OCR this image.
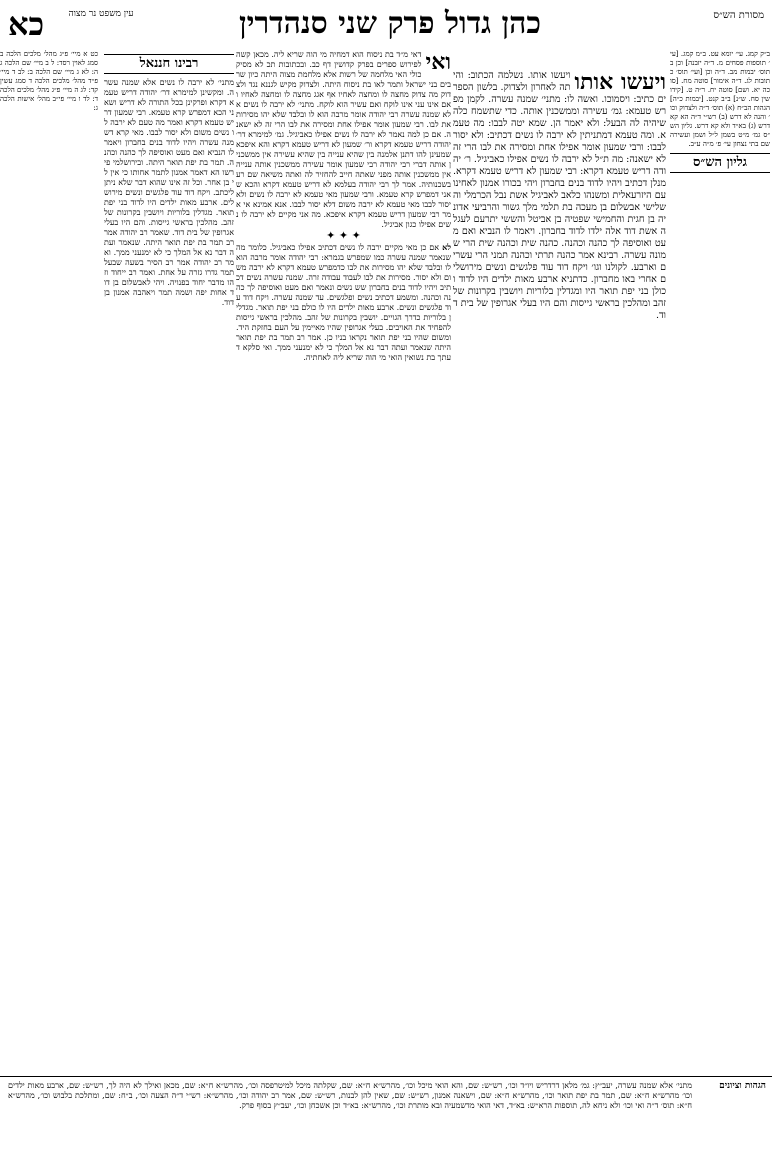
כא	עין משפט נר מצוה	כהן גדול פרק שני סנהדרין	מסורת הש״ס
ב״ק קמג. עי׳ יומא עט. ב״מ קמג. [עי׳ תוספות פסחים מ. ד״ה יזבנה] וכן בתוס׳ יבמות מב. ד״ה וכן [ועי׳ תוס׳ כתובות לג. ד״ה אימור] סוטה מח. [סוכה יא. ושם] סוטה יח. ר״ה ט. [קידושין סח. ש״נ] ב״ב קנט. [יבמות כ״ה] הגהות הב״ח (א) תוס׳ ד״ה ולצדוק וכו׳ והנה לא דרש (ב) רש״י ד״ה הא קא דרש (ג) בא״ד ולא קא דרש. גליון הש״ס גמ׳ מ״ט בשמן ל״ל ושמן ועשירה שם בתי נצחון עי׳ פ׳ מ״ה ע״ב.
גליון הש״ס
ויעשו אותו
ויעשו אותו. נשלמה הכתוב: והיתה לאחרון ולצדוק. בלשון הספרים כתיב: ויסמוכו. ואשה לו: מתני׳ שמנה עשרה. לקמן מפרש טעמא: גמ׳ עשירה וממשכנין אותה. כדי שתשמח כלה שיהיה לה הבעל: ולא יאמר הן. שמא יטה לבבו: מה טעמא. ומה טעמא דמתניתין לא ירבה לו נשים דכתיב: ולא יסור לבבו: ורבי שמעון אומר אפילו אחת ומסירה את לבו הרי זה לא ישאנה: מה ת״ל לא ירבה לו נשים אפילו כאביגיל. ר׳ יהודה דריש טעמא דקרא: רבי שמעון לא דריש טעמא דקרא. מנלן דכתיב ויהיו לדוד בנים בחברון ויהי בכורו אמנון לאחינועם היזרעאלית ומשנהו כלאב לאביגיל אשת נבל הכרמלי והשלישי אבשלום בן מעכה בת תלמי מלך גשור והרביעי אדוניה בן חגית והחמישי שפטיה בן אביטל והששי יתרעם לעגלה אשת דוד אלה ילדו לדוד בחברון. ויאמר לו הנביא ואם מעט ואוסיפה לך כהנה וכהנה. כהנה שית וכהנה שית הרי שמונה עשרה. רבינא אמר כהנה תרתי וכהנה תמני הרי עשרים וארבע. לקולנו וגו׳ ויקח דוד עוד פלגשים ונשים מירושלים אחרי באו מחברון. כדתניא ארבע מאות ילדים היו לדוד וכולן בני יפת תואר היו ומגדלין בלוריות ויושבין בקרונות של זהב ומהלכין בראשי גייסות והם היו בעלי אגרופין של בית דוד.
ואי
דאי מ״ד בת ניסוח הוא דמחיה מי הוה שריא ליה. מכאן קשה לפירוש ספרים בפרק קדושין דף כב. ובכתובות תכ לא מסיק כולי האי מלחמה של רשות אלא מלחמת מצוה היתה כיון שרבים בני ישראל ותמר לאו בת ניסוח היתה. ולצדוק מקיש לגננא נגד ולצדוק מה צדוק מחצה לו ומחצה לאחיו אף אגג מחצה לו ומחצה לאחיו ואם אינו עני אינו לוקח ואם עשיר הוא לוקח. מתני׳ לא ירבה לו נשים אלא שמנה עשרה רבי יהודה אומר מרבה הוא לו ובלבד שלא יהו מסירות את לבו. רבי שמעון אומר אפילו אחת ומסירה את לבו הרי זה לא ישאנה. אם כן למה נאמר לא ירבה לו נשים אפילו כאביגיל. גמ׳ למימרא דר׳ יהודה דריש טעמא דקרא ור׳ שמעון לא דריש טעמא דקרא והא איפכא שמעינן להו דתנן אלמנה בין שהיא ענייה בין שהיא עשירה אין ממשכנין אותה דברי רבי יהודה רבי שמעון אומר עשירה ממשכנין אותה ענייה אין ממשכנין אותה מפני שאתה חייב להחזיר לה ואתה משיאה שם רע בשכנותיה. אמר לך רבי יהודה בעלמא לא דריש טעמא דקרא והכא שאני דמפרש קרא טעמא. ורבי שמעון מאי טעמא לא ירבה לו נשים ולא יסור לבבו מאי טעמא לא ירבה משום דלא יסור לבבו. אנא אמינא אי אמר רבי שמעון דריש טעמא דקרא איפכא. מה אני מקיים לא ירבה לו נשים אפילו כגון אביגיל.
✦ ✦ ✦
לא אם כן מאי מקיים ירבה לו נשים דכתיב אפילו כאביגיל. כלומר מה שנאמר שמנה עשרה כמו שמפרש בגמרא: רבי יהודה אומר מרבה הוא לו ובלבד שלא יהו מסירות את לבו כדמפרש טעמא דקרא לא ירבה משום ולא יסור. מסירות את לבו לעבוד עבודה זרה. שמנה עשרה נשים דכתיב ויהיו לדוד בנים בחברון שש נשים ונאמר ואם מעט ואוסיפה לך כהנה וכהנה. ומשמע דכתיב נשים ופלגשים. עד שמנה עשרה. ויקח דוד עוד פלגשים ונשים. ארבע מאות ילדים היו לו כולם בני יפת תואר. מגדלין בלוריות כדרך הגויים. יושבין בקרונות של זהב. מהלכין בראשי גייסות להפחיד את האויבים. בעלי אגרופין שהיו מאיימין על העם בחזקת היד. ומשום שהיו בני יפת תואר נקראו בניו כן. אמר רב תמר בת יפת תואר היתה שנאמר ועתה דבר נא אל המלך כי לא ימנעני ממך. ואי סלקא דעתך בת נשואין הואי מי הוה שריא ליה לאחתיה.
רבינו חננאל
מתני׳ לא ירבה לו נשים אלא שמנה עשרה. ומקשינן למימרא דר׳ יהודה דריש טעמא דקרא ופרקינן בכל התורה לא דריש ושאני הכא דמפרש קרא טעמא. רבי שמעון דריש טעמא דקרא ואמר מה טעם לא ירבה לו נשים משום ולא יסור לבבו. מאי קרא דשמנה עשרה ויהיו לדוד בנים בחברון ויאמר לו הנביא ואם מעט ואוסיפה לך כהנה וכהנה. תמר בת יפת תואר היתה. ובירושלמי פירשו הא דאמר אמנון לתמר אחותו כי אין לי בן אחר. וכל זה אינו שהוא דבר שלא ניתן ליכתב. ויקח דוד עוד פלגשים ונשים מירושלים. ארבע מאות ילדים היו לדוד בני יפת תואר. מגדלין בלוריות ויושבין בקרונות של זהב. מהלכין בראשי גייסות. והם היו בעלי אגרופין של בית דוד. שאמר רב יהודה אמר רב תמר בת יפת תואר היתה. שנאמר ועתה דבר נא אל המלך כי לא ימנעני ממך. ואמר רב יהודה אמר רב הסיר בשעה שבעל תמר גדרו גזרה על אחת. ואמר רב ייחוד וזהו מדבר יחוד בפנויה. ויהי לאבשלום בן דוד אחות יפה ושמה תמר ויאהבה אמנון בן דוד.
כט א מיי׳ פ״ג מהל׳ מלכים הלכה ב סמג לאוין רסד: ל ב מיי׳ שם הלכה ג ה: לא ג מיי׳ שם הלכה ב: לב ד מיי׳ פ״ד מהל׳ מלכים הלכה ד סמג עשין קד: לג ה מיי׳ פ״ג מהל׳ מלכים הלכה ד: לד ו מיי׳ פי״ב מהל׳ אישות הלכה ג:
הגהות וציונים
מתני׳ אלא שמנה עשרה, יעב״ץ: גמ׳ מלאן דרדריש ויו״ד וכו׳, רש״ש: שם, והא הואי מיכל וכו׳, מהרש״א ח״א: שם, שקלתה מיכל למיטרפסה וכו׳, מהרש״א ח״א: שם, מכאן ואילך לא היה לך, רש״ש: שם, ארבע מאות ילדים וכו׳ מהרש״א ח״א: שם, תמר בת יפת תואר וכו׳, מהרש״א ח״א: שם, וישאנה אמנון, רש״ש: שם, שאין להן לבנות, רש״ש: שם, אמר רב יהודה וכו׳, מהרש״א: רש״י ד״ה הצעה וכו׳, ב״ח: שם, ומתלכת בלבוש וכו׳, מהרש״א ח״א: תוס׳ ד״ה ואי וכו׳ ולא ניחא לה, תוספות הרא״ש: בא״ד, דאי הואי מדשמעיה ובא מותרת וכו׳, מהרש״א: בא״ד וכן אשכחן וכו׳, יעב״ץ בסוף פרק.
